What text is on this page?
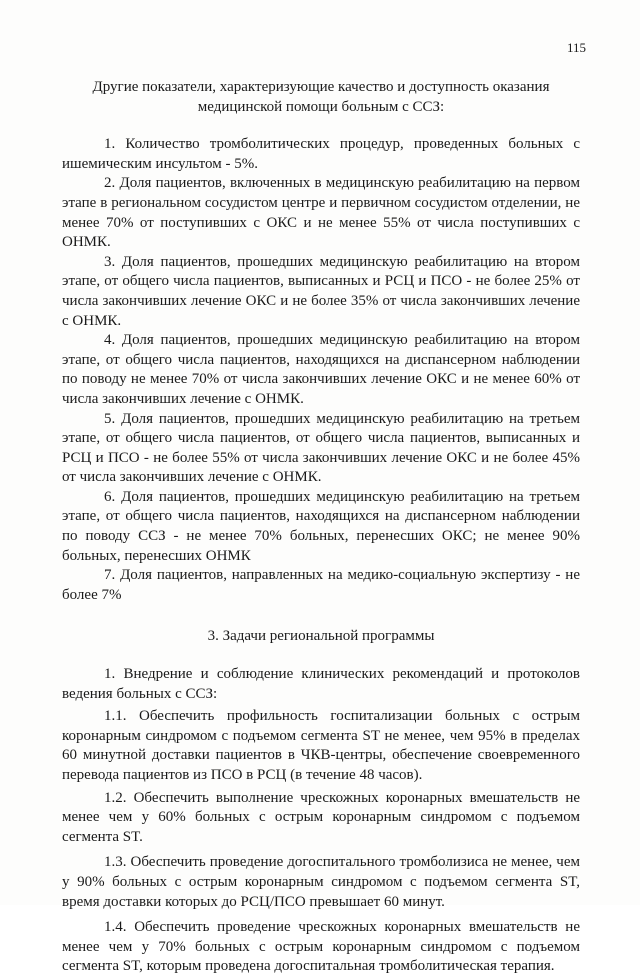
115

Другие показатели, характеризующие качество и доступность оказания медицинской помощи больным с ССЗ:

1. Количество тромболитических процедур, проведенных больных с ишемическим инсультом - 5%.

2. Доля пациентов, включенных в медицинскую реабилитацию на первом этапе в региональном сосудистом центре и первичном сосудистом отделении, не менее 70% от поступивших с ОКС и не менее 55% от числа поступивших с ОНМК.

3. Доля пациентов, прошедших медицинскую реабилитацию на втором этапе, от общего числа пациентов, выписанных и РСЦ и ПСО - не более 25% от числа закончивших лечение ОКС и не более 35% от числа закончивших лечение с ОНМК.

4. Доля пациентов, прошедших медицинскую реабилитацию на втором этапе, от общего числа пациентов, находящихся на диспансерном наблюдении по поводу не менее 70% от числа закончивших лечение ОКС и не менее 60% от числа закончивших лечение с ОНМК.

5. Доля пациентов, прошедших медицинскую реабилитацию на третьем этапе, от общего числа пациентов, от общего числа пациентов, выписанных и РСЦ и ПСО - не более 55% от числа закончивших лечение ОКС и не более 45% от числа закончивших лечение с ОНМК.

6. Доля пациентов, прошедших медицинскую реабилитацию на третьем этапе, от общего числа пациентов, находящихся на диспансерном наблюдении по поводу ССЗ - не менее 70% больных, перенесших ОКС; не менее 90% больных, перенесших ОНМК

7. Доля пациентов, направленных на медико-социальную экспертизу - не более 7%

3. Задачи региональной программы

1. Внедрение и соблюдение клинических рекомендаций и протоколов ведения больных с ССЗ:

1.1. Обеспечить профильность госпитализации больных с острым коронарным синдромом с подъемом сегмента ST не менее, чем 95% в пределах 60 минутной доставки пациентов в ЧКВ-центры, обеспечение своевременного перевода пациентов из ПСО в РСЦ (в течение 48 часов).

1.2. Обеспечить выполнение чрескожных коронарных вмешательств не менее чем у 60% больных с острым коронарным синдромом с подъемом сегмента ST.

1.3. Обеспечить проведение догоспитального тромболизиса не менее, чем у 90% больных с острым коронарным синдромом с подъемом сегмента ST, время доставки которых до РСЦ/ПСО превышает 60 минут.

1.4. Обеспечить проведение чрескожных коронарных вмешательств не менее чем у 70% больных с острым коронарным синдромом с подъемом сегмента ST, которым проведена догоспитальная тромболитическая терапия.
